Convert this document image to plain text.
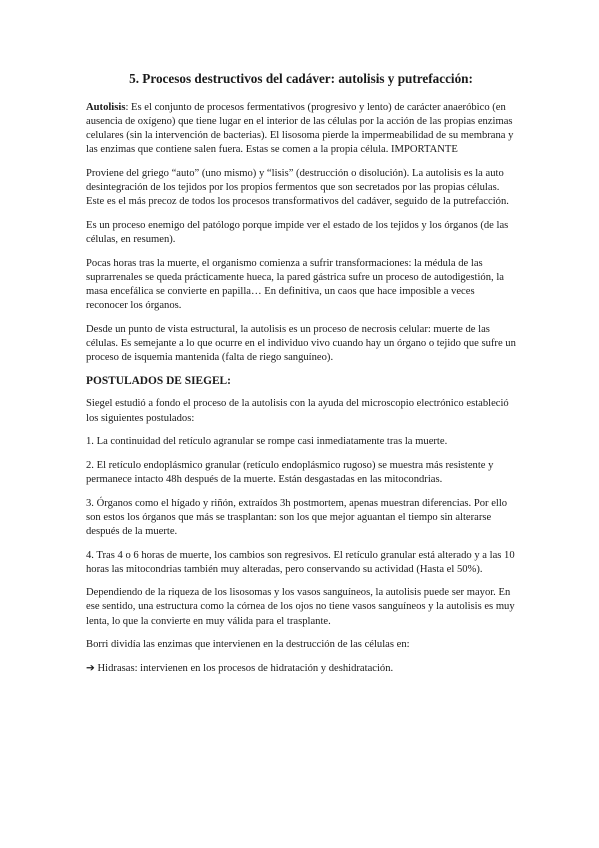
5. Procesos destructivos del cadáver: autolisis y putrefacción:

Autolisis: Es el conjunto de procesos fermentativos (progresivo y lento) de carácter anaeróbico (en ausencia de oxígeno) que tiene lugar en el interior de las células por la acción de las propias enzimas celulares (sin la intervención de bacterias). El lisosoma pierde la impermeabilidad de su membrana y las enzimas que contiene salen fuera. Estas se comen a la propia célula. IMPORTANTE

Proviene del griego “auto” (uno mismo) y “lisis” (destrucción o disolución). La autolisis es la auto desintegración de los tejidos por los propios fermentos que son secretados por las propias células. Este es el más precoz de todos los procesos transformativos del cadáver, seguido de la putrefacción.

Es un proceso enemigo del patólogo porque impide ver el estado de los tejidos y los órganos (de las células, en resumen).

Pocas horas tras la muerte, el organismo comienza a sufrir transformaciones: la médula de las suprarrenales se queda prácticamente hueca, la pared gástrica sufre un proceso de autodigestión, la masa encefálica se convierte en papilla… En definitiva, un caos que hace imposible a veces reconocer los órganos.

Desde un punto de vista estructural, la autolisis es un proceso de necrosis celular: muerte de las células. Es semejante a lo que ocurre en el individuo vivo cuando hay un órgano o tejido que sufre un proceso de isquemia mantenida (falta de riego sanguíneo).

POSTULADOS DE SIEGEL:

Siegel estudió a fondo el proceso de la autolisis con la ayuda del microscopio electrónico estableció los siguientes postulados:

1. La continuidad del retículo agranular se rompe casi inmediatamente tras la muerte.

2. El retículo endoplásmico granular (retículo endoplásmico rugoso) se muestra más resistente y permanece intacto 48h después de la muerte. Están desgastadas en las mitocondrias.

3. Órganos como el hígado y riñón, extraídos 3h postmortem, apenas muestran diferencias. Por ello son estos los órganos que más se trasplantan: son los que mejor aguantan el tiempo sin alterarse después de la muerte.

4. Tras 4 o 6 horas de muerte, los cambios son regresivos. El retículo granular está alterado y a las 10 horas las mitocondrias también muy alteradas, pero conservando su actividad (Hasta el 50%).

Dependiendo de la riqueza de los lisosomas y los vasos sanguíneos, la autolisis puede ser mayor. En ese sentido, una estructura como la córnea de los ojos no tiene vasos sanguíneos y la autolisis es muy lenta, lo que la convierte en muy válida para el trasplante.

Borri dividía las enzimas que intervienen en la destrucción de las células en:

➔ Hidrasas: intervienen en los procesos de hidratación y deshidratación.
